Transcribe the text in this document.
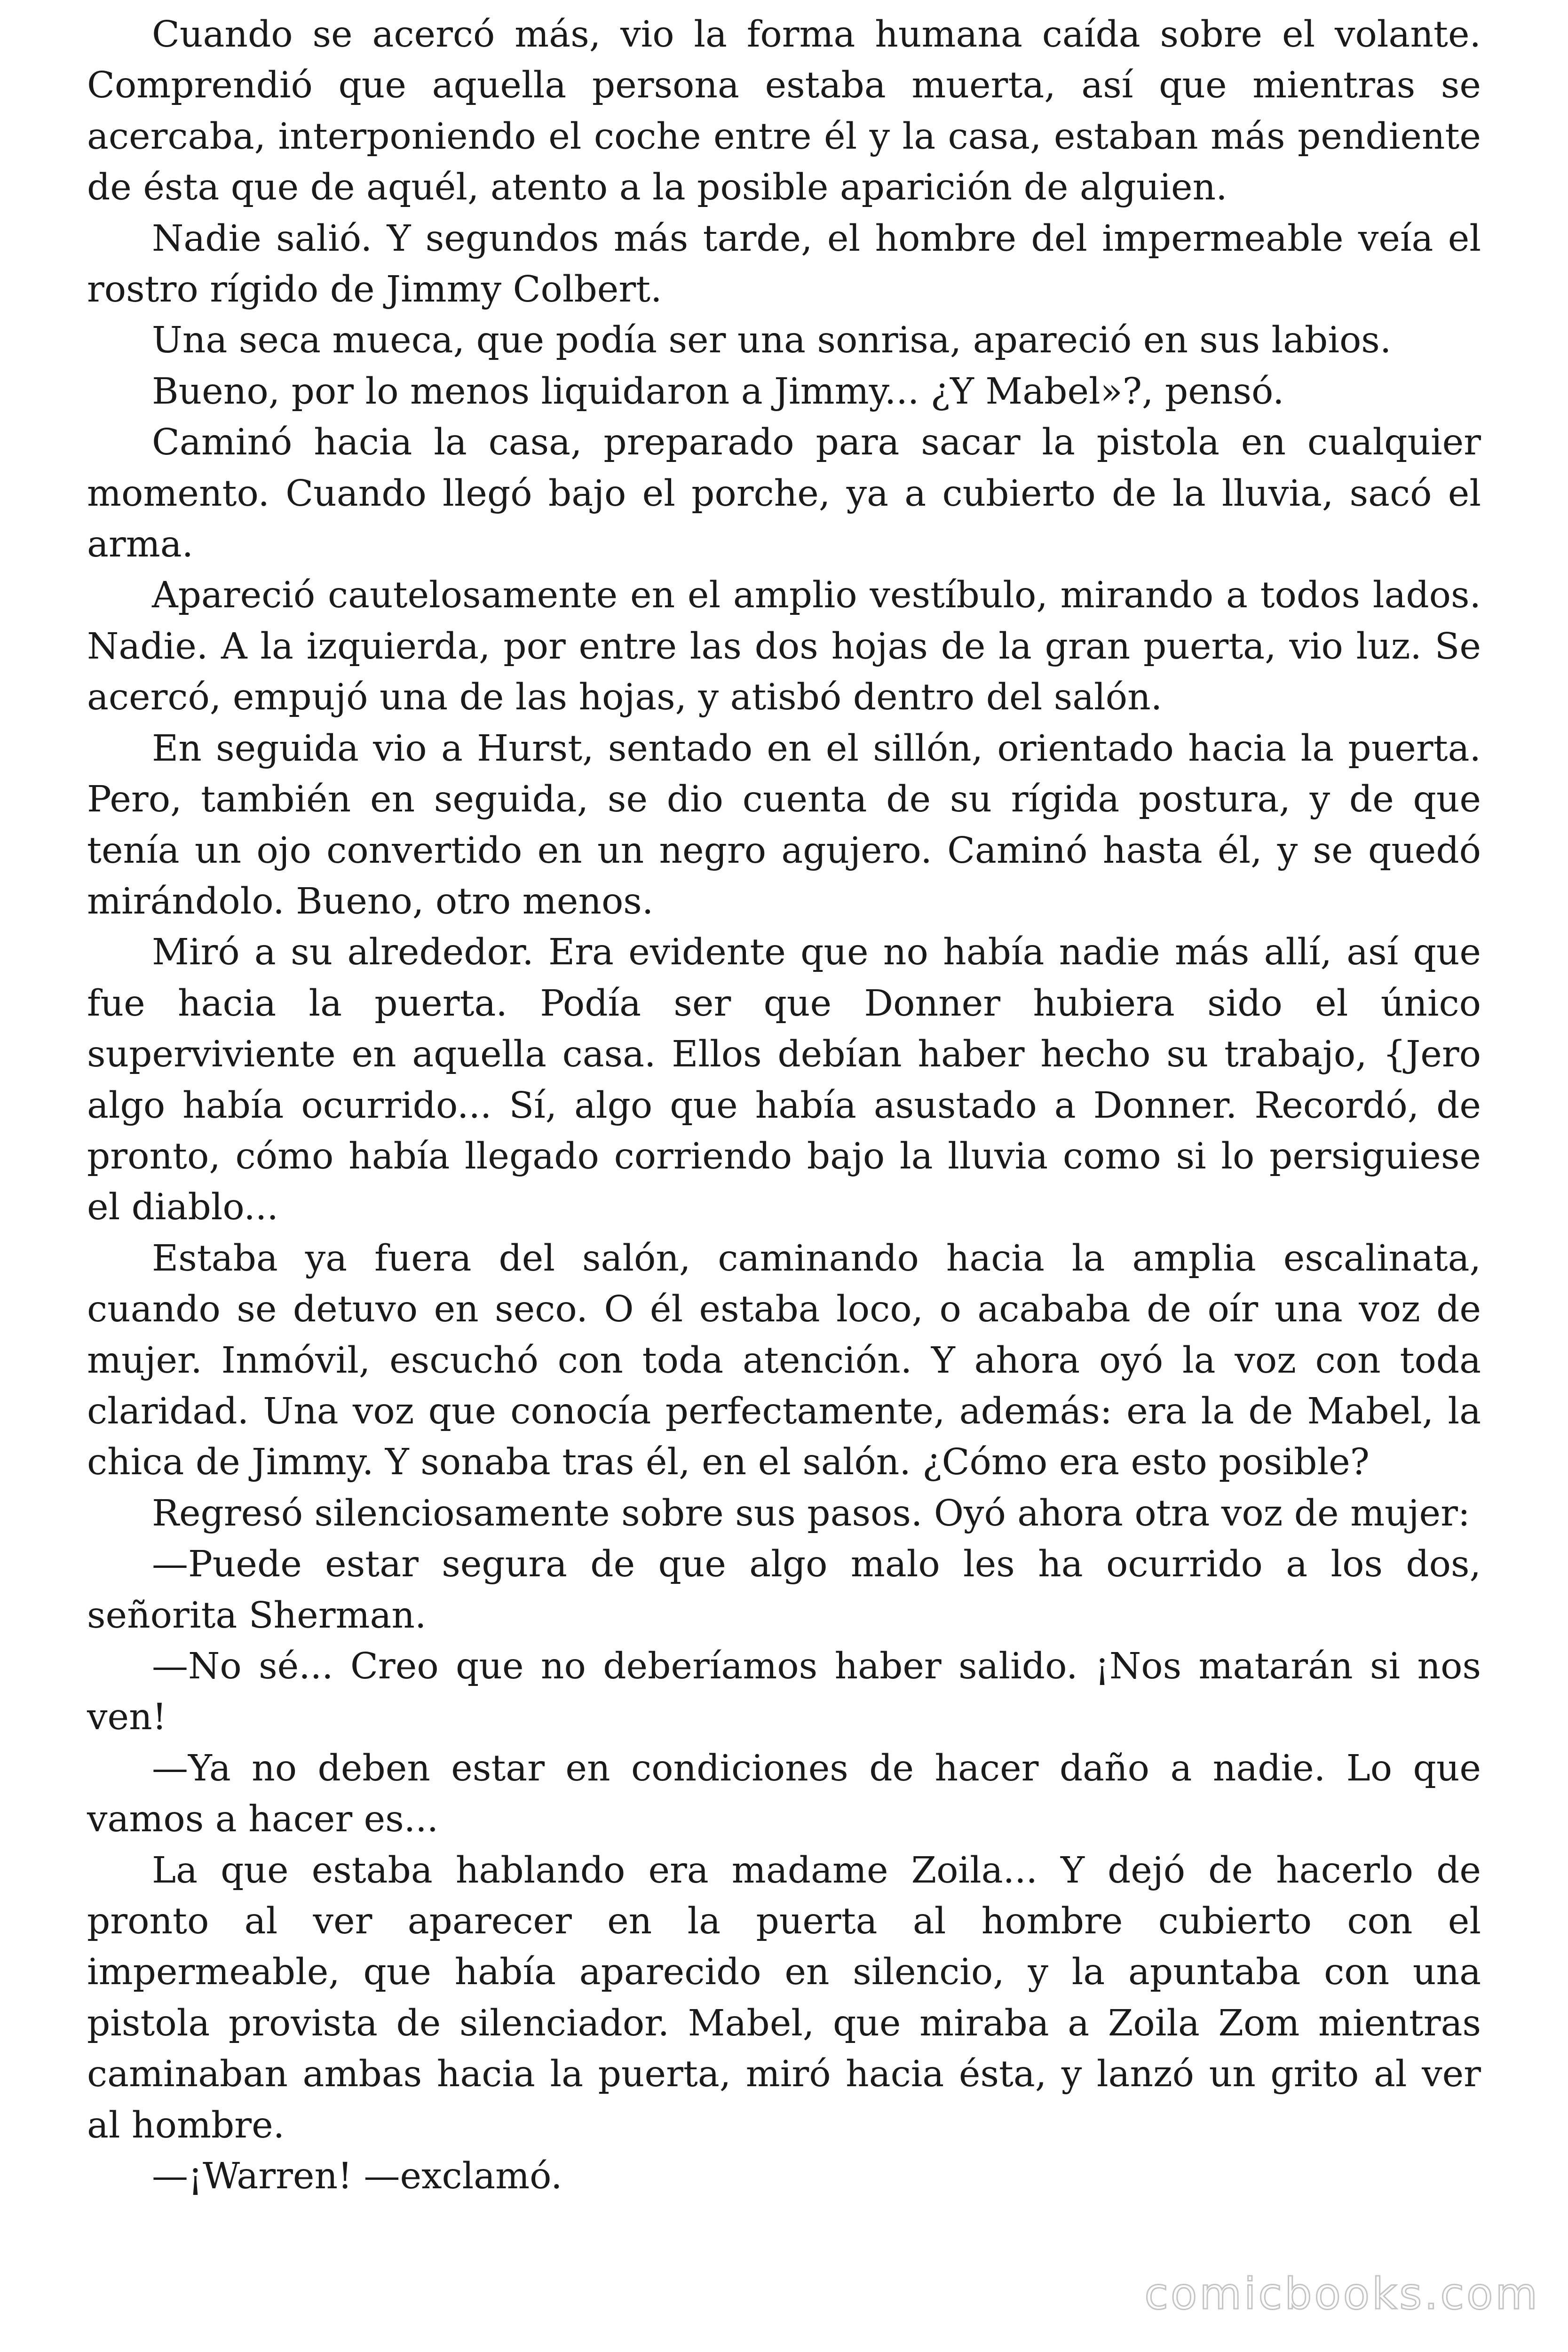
Cuando se acercó más, vio la forma humana caída sobre el volante. Comprendió que aquella persona estaba muerta, así que mientras se acercaba, interponiendo el coche entre él y la casa, estaban más pendiente de ésta que de aquél, atento a la posible aparición de alguien.

Nadie salió. Y segundos más tarde, el hombre del impermeable veía el rostro rígido de Jimmy Colbert.

Una seca mueca, que podía ser una sonrisa, apareció en sus labios.

Bueno, por lo menos liquidaron a Jimmy... ¿Y Mabel»?, pensó.

Caminó hacia la casa, preparado para sacar la pistola en cualquier momento. Cuando llegó bajo el porche, ya a cubierto de la lluvia, sacó el arma.

Apareció cautelosamente en el amplio vestíbulo, mirando a todos lados. Nadie. A la izquierda, por entre las dos hojas de la gran puerta, vio luz. Se acercó, empujó una de las hojas, y atisbó dentro del salón.

En seguida vio a Hurst, sentado en el sillón, orientado hacia la puerta. Pero, también en seguida, se dio cuenta de su rígida postura, y de que tenía un ojo convertido en un negro agujero. Caminó hasta él, y se quedó mirándolo. Bueno, otro menos.

Miró a su alrededor. Era evidente que no había nadie más allí, así que fue hacia la puerta. Podía ser que Donner hubiera sido el único superviviente en aquella casa. Ellos debían haber hecho su trabajo, {Jero algo había ocurrido... Sí, algo que había asustado a Donner. Recordó, de pronto, cómo había llegado corriendo bajo la lluvia como si lo persiguiese el diablo...

Estaba ya fuera del salón, caminando hacia la amplia escalinata, cuando se detuvo en seco. O él estaba loco, o acababa de oír una voz de mujer. Inmóvil, escuchó con toda atención. Y ahora oyó la voz con toda claridad. Una voz que conocía perfectamente, además: era la de Mabel, la chica de Jimmy. Y sonaba tras él, en el salón. ¿Cómo era esto posible?

Regresó silenciosamente sobre sus pasos. Oyó ahora otra voz de mujer:

—Puede estar segura de que algo malo les ha ocurrido a los dos, señorita Sherman.

—No sé... Creo que no deberíamos haber salido. ¡Nos matarán si nos ven!

—Ya no deben estar en condiciones de hacer daño a nadie. Lo que vamos a hacer es...

La que estaba hablando era madame Zoila... Y dejó de hacerlo de pronto al ver aparecer en la puerta al hombre cubierto con el impermeable, que había aparecido en silencio, y la apuntaba con una pistola provista de silenciador. Mabel, que miraba a Zoila Zom mientras caminaban ambas hacia la puerta, miró hacia ésta, y lanzó un grito al ver al hombre.

—¡Warren! —exclamó.

comicbooks.com
